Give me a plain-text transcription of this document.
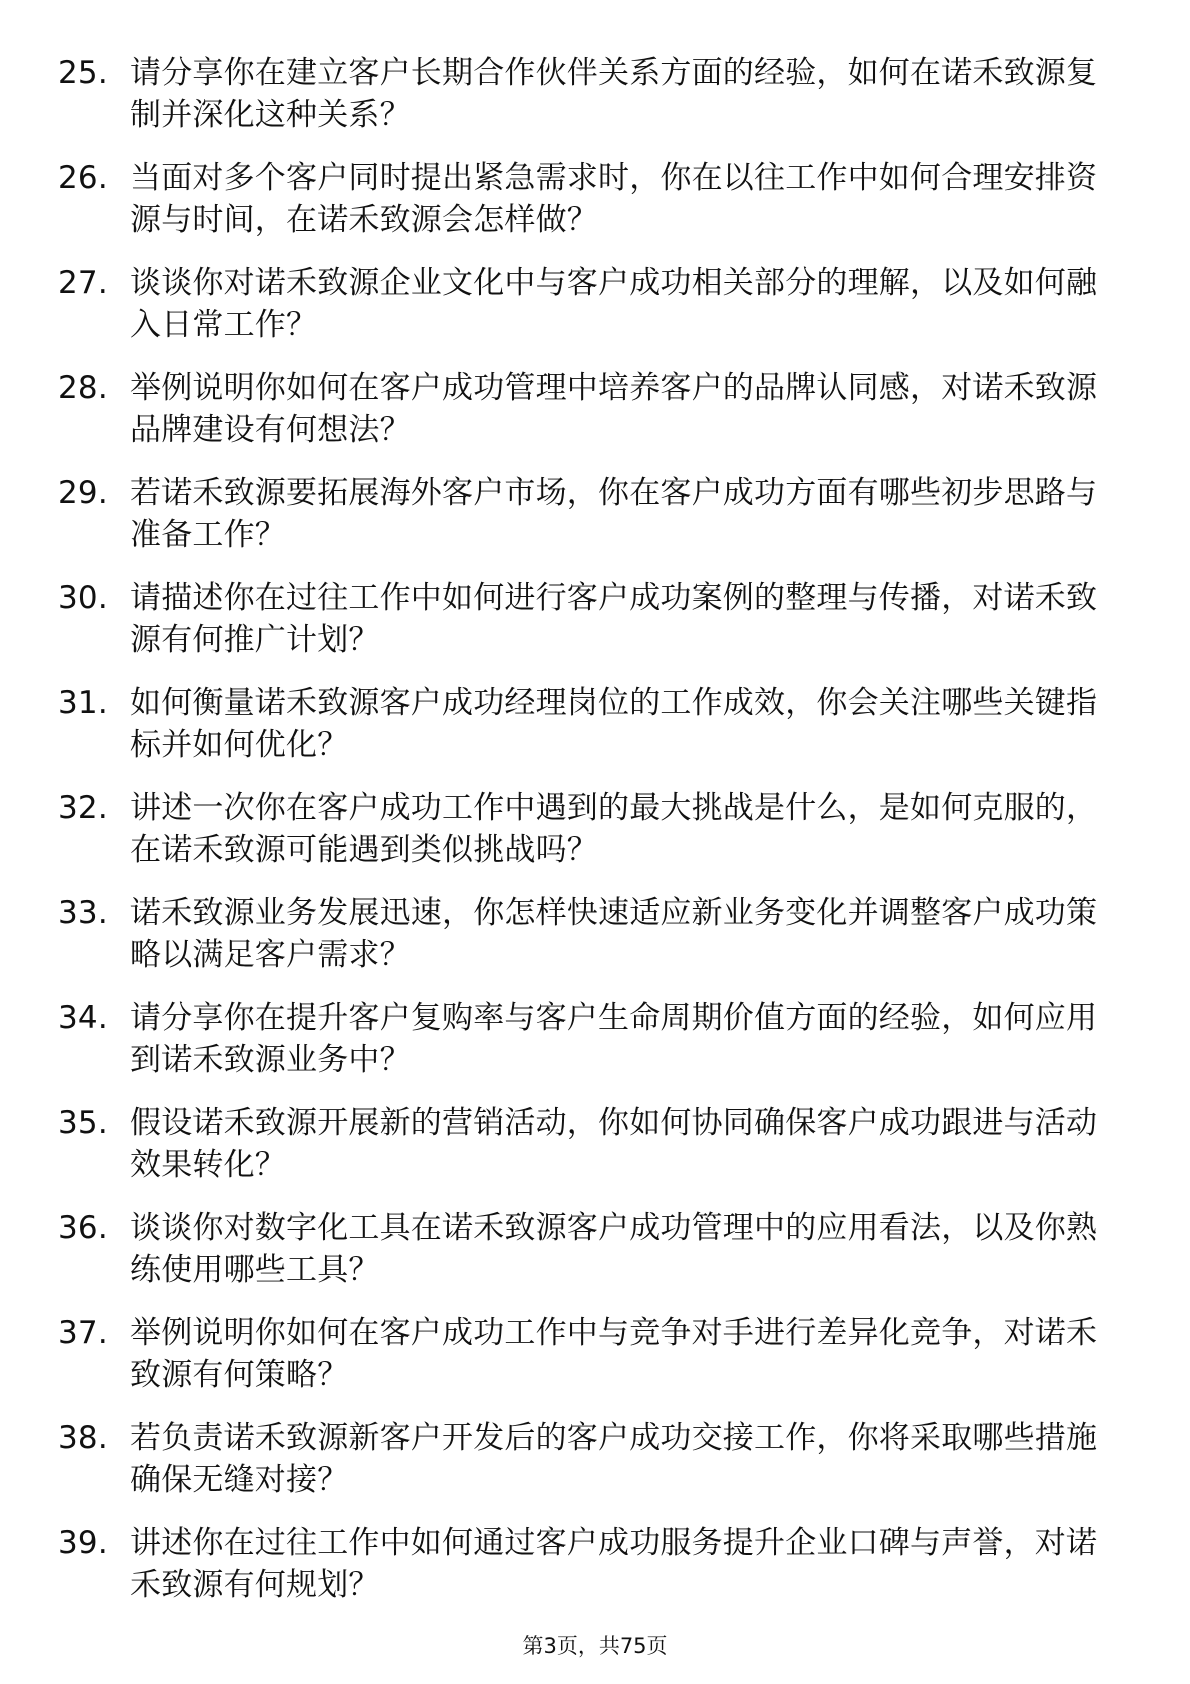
25. 请分享你在建立客户长期合作伙伴关系方面的经验，如何在诺禾致源复制并深化这种关系？
26. 当面对多个客户同时提出紧急需求时，你在以往工作中如何合理安排资源与时间，在诺禾致源会怎样做？
27. 谈谈你对诺禾致源企业文化中与客户成功相关部分的理解，以及如何融入日常工作？
28. 举例说明你如何在客户成功管理中培养客户的品牌认同感，对诺禾致源品牌建设有何想法？
29. 若诺禾致源要拓展海外客户市场，你在客户成功方面有哪些初步思路与准备工作？
30. 请描述你在过往工作中如何进行客户成功案例的整理与传播，对诺禾致源有何推广计划？
31. 如何衡量诺禾致源客户成功经理岗位的工作成效，你会关注哪些关键指标并如何优化？
32. 讲述一次你在客户成功工作中遇到的最大挑战是什么，是如何克服的，在诺禾致源可能遇到类似挑战吗？
33. 诺禾致源业务发展迅速，你怎样快速适应新业务变化并调整客户成功策略以满足客户需求？
34. 请分享你在提升客户复购率与客户生命周期价值方面的经验，如何应用到诺禾致源业务中？
35. 假设诺禾致源开展新的营销活动，你如何协同确保客户成功跟进与活动效果转化？
36. 谈谈你对数字化工具在诺禾致源客户成功管理中的应用看法，以及你熟练使用哪些工具？
37. 举例说明你如何在客户成功工作中与竞争对手进行差异化竞争，对诺禾致源有何策略？
38. 若负责诺禾致源新客户开发后的客户成功交接工作，你将采取哪些措施确保无缝对接？
39. 讲述你在过往工作中如何通过客户成功服务提升企业口碑与声誉，对诺禾致源有何规划？
第3页，共75页
